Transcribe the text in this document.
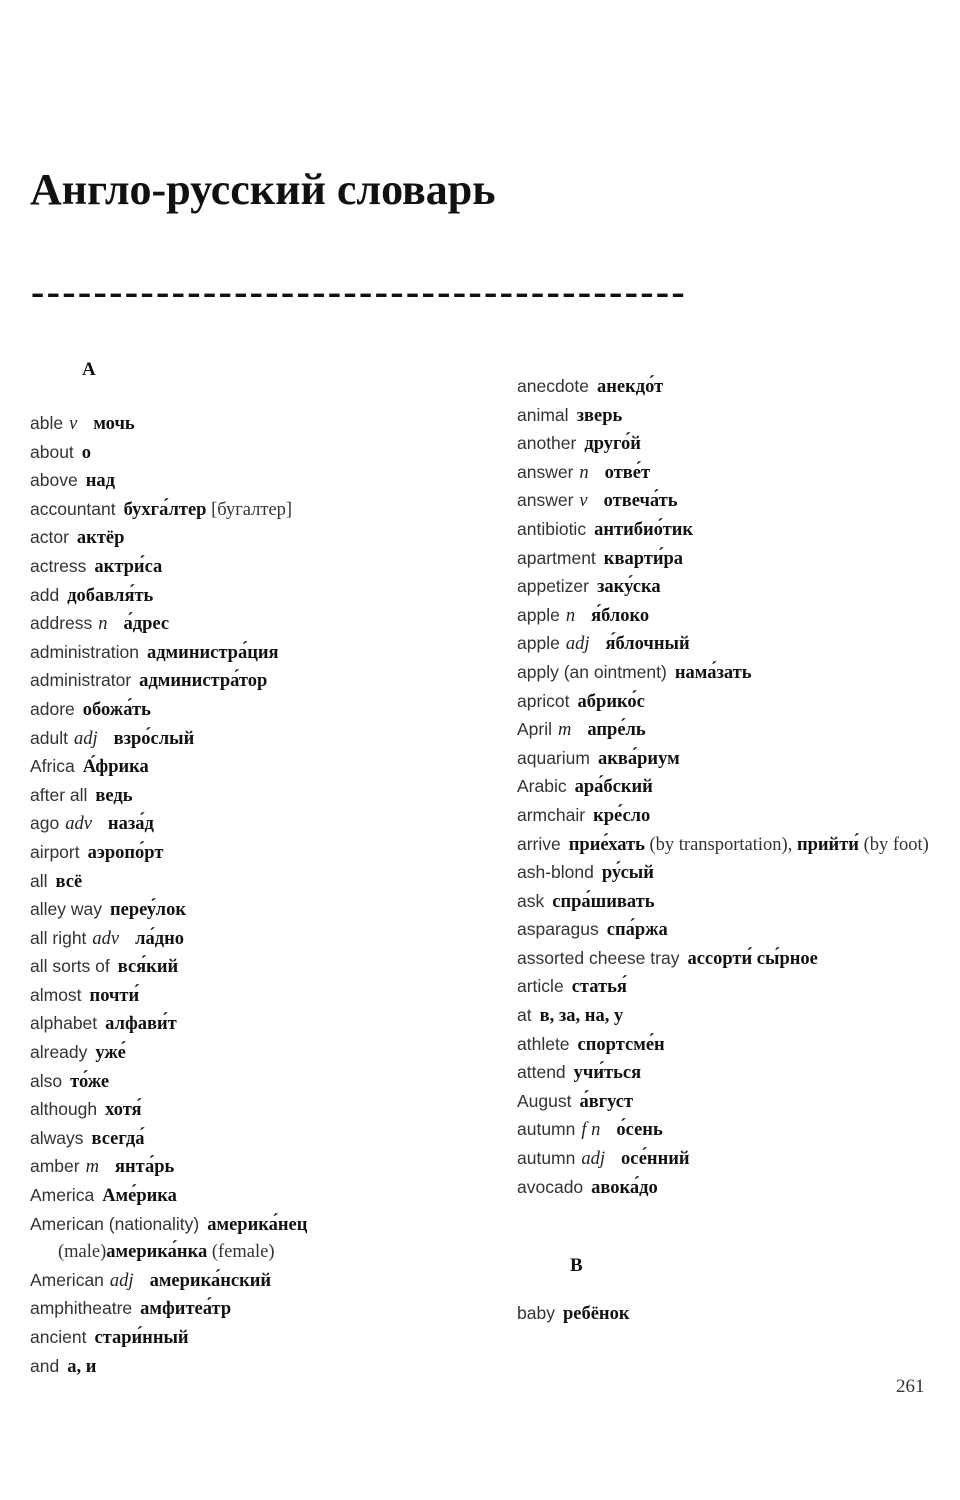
Англо-русский словарь
------------------------------------------
A
able v мочь
about о
above над
accountant бухга́лтер [бугалтер]
actor актёр
actress актри́са
add добавля́ть
address n а́дрес
administration администра́ция
administrator администра́тор
adore обожа́ть
adult adj взро́слый
Africa А́фрика
after all ведь
ago adv наза́д
airport аэропо́рт
all всё
alley way переу́лок
all right adv ла́дно
all sorts of вся́кий
almost почти́
alphabet алфави́т
already уже́
also то́же
although хотя́
always всегда́
amber m янта́рь
America Аме́рика
American (nationality) америка́нец (male)америка́нка (female)
American adj америка́нский
amphitheatre амфитеа́тр
ancient стари́нный
and а, и
anecdote анекдо́т
animal зверь
another друго́й
answer n отве́т
answer v отвеча́ть
antibiotic антибио́тик
apartment кварти́ра
appetizer заку́ска
apple n я́блоко
apple adj я́блочный
apply (an ointment) нама́зать
apricot абрико́с
April m апре́ль
aquarium аква́риум
Arabic ара́бский
armchair кре́сло
arrive прие́хать (by transportation), прийти́ (by foot)
ash-blond ру́сый
ask спра́шивать
asparagus спа́ржа
assorted cheese tray ассорти́ сы́рное
article статья́
at в, за, на, у
athlete спортсме́н
attend учи́ться
August а́вгуст
autumn f n о́сень
autumn adj осе́нний
avocado авока́до
B
baby ребёнок
261
